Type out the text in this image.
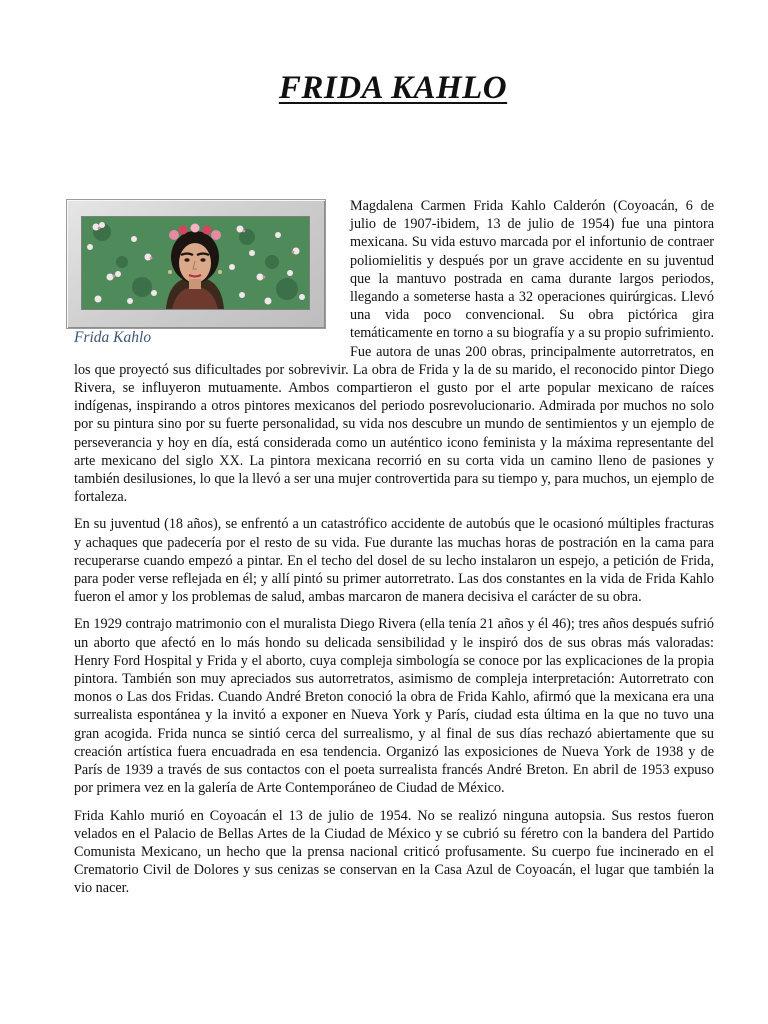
FRIDA KAHLO
Frida Kahlo

Magdalena Carmen Frida Kahlo Calderón (Coyoacán, 6 de julio de 1907-ibidem, 13 de julio de 1954) fue una pintora mexicana. Su vida estuvo marcada por el infortunio de contraer poliomielitis y después por un grave accidente en su juventud que la mantuvo postrada en cama durante largos periodos, llegando a someterse hasta a 32 operaciones quirúrgicas. Llevó una vida poco convencional. Su obra pictórica gira temáticamente en torno a su biografía y a su propio sufrimiento. Fue autora de unas 200 obras, principalmente autorretratos, en los que proyectó sus dificultades por sobrevivir. La obra de Frida y la de su marido, el reconocido pintor Diego Rivera, se influyeron mutuamente. Ambos compartieron el gusto por el arte popular mexicano de raíces indígenas, inspirando a otros pintores mexicanos del periodo posrevolucionario. Admirada por muchos no solo por su pintura sino por su fuerte personalidad, su vida nos descubre un mundo de sentimientos y un ejemplo de perseverancia y hoy en día, está considerada como un auténtico icono feminista y la máxima representante del arte mexicano del siglo XX. La pintora mexicana recorrió en su corta vida un camino lleno de pasiones y también desilusiones, lo que la llevó a ser una mujer controvertida para su tiempo y, para muchos, un ejemplo de fortaleza.

En su juventud (18 años), se enfrentó a un catastrófico accidente de autobús que le ocasionó múltiples fracturas y achaques que padecería por el resto de su vida. Fue durante las muchas horas de postración en la cama para recuperarse cuando empezó a pintar. En el techo del dosel de su lecho instalaron un espejo, a petición de Frida, para poder verse reflejada en él; y allí pintó su primer autorretrato. Las dos constantes en la vida de Frida Kahlo fueron el amor y los problemas de salud, ambas marcaron de manera decisiva el carácter de su obra.

En 1929 contrajo matrimonio con el muralista Diego Rivera (ella tenía 21 años y él 46); tres años después sufrió un aborto que afectó en lo más hondo su delicada sensibilidad y le inspiró dos de sus obras más valoradas: Henry Ford Hospital y Frida y el aborto, cuya compleja simbología se conoce por las explicaciones de la propia pintora. También son muy apreciados sus autorretratos, asimismo de compleja interpretación: Autorretrato con monos o Las dos Fridas. Cuando André Breton conoció la obra de Frida Kahlo, afirmó que la mexicana era una surrealista espontánea y la invitó a exponer en Nueva York y París, ciudad esta última en la que no tuvo una gran acogida. Frida nunca se sintió cerca del surrealismo, y al final de sus días rechazó abiertamente que su creación artística fuera encuadrada en esa tendencia. Organizó las exposiciones de Nueva York de 1938 y de París de 1939 a través de sus contactos con el poeta surrealista francés André Breton. En abril de 1953 expuso por primera vez en la galería de Arte Contemporáneo de Ciudad de México.

Frida Kahlo murió en Coyoacán el 13 de julio de 1954. No se realizó ninguna autopsia. Sus restos fueron velados en el Palacio de Bellas Artes de la Ciudad de México y se cubrió su féretro con la bandera del Partido Comunista Mexicano, un hecho que la prensa nacional criticó profusamente. Su cuerpo fue incinerado en el Crematorio Civil de Dolores y sus cenizas se conservan en la Casa Azul de Coyoacán, el lugar que también la vio nacer.
